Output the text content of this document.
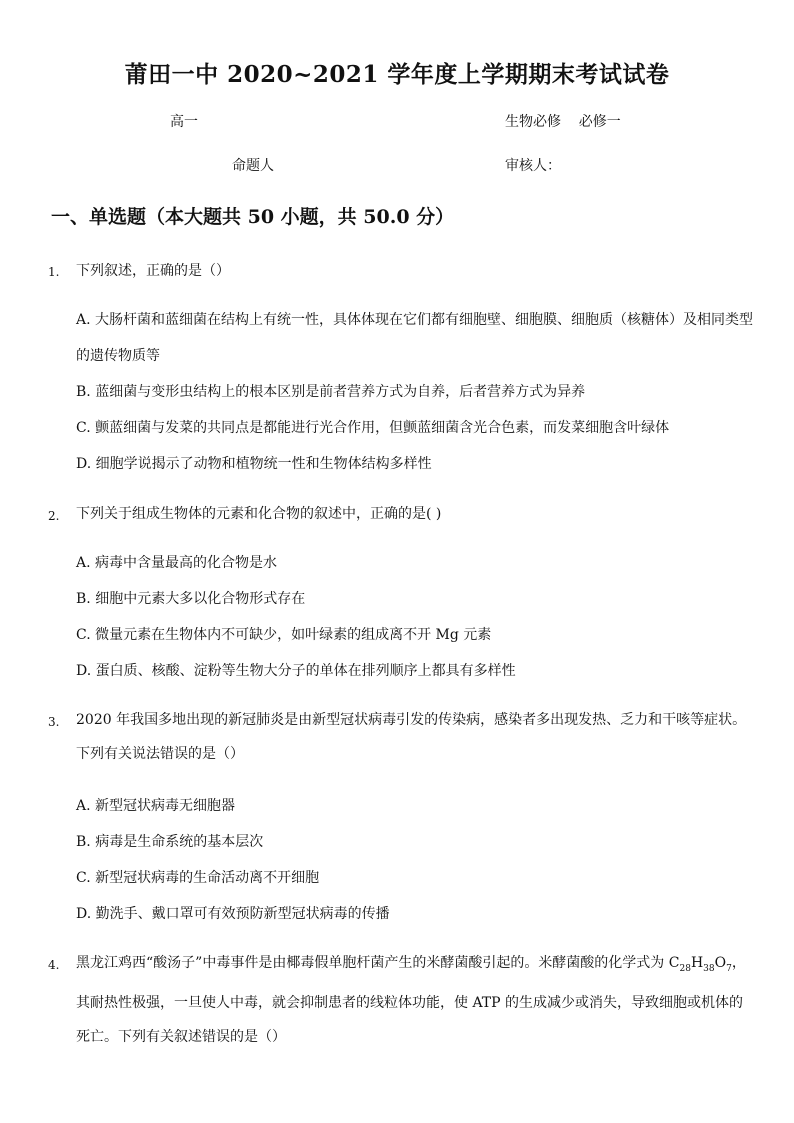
莆田一中 2020~2021 学年度上学期期末考试试卷
高一	生物必修    必修一
命题人	审核人：
一、单选题（本大题共 50 小题，共 50.0 分）
1. 下列叙述，正确的是（）
A. 大肠杆菌和蓝细菌在结构上有统一性，具体体现在它们都有细胞壁、细胞膜、细胞质（核糖体）及相同类型的遗传物质等
B. 蓝细菌与变形虫结构上的根本区别是前者营养方式为自养，后者营养方式为异养
C. 颤蓝细菌与发菜的共同点是都能进行光合作用，但颤蓝细菌含光合色素，而发菜细胞含叶绿体
D. 细胞学说揭示了动物和植物统一性和生物体结构多样性
2. 下列关于组成生物体的元素和化合物的叙述中，正确的是( )
A. 病毒中含量最高的化合物是水
B. 细胞中元素大多以化合物形式存在
C. 微量元素在生物体内不可缺少，如叶绿素的组成离不开 Mg 元素
D. 蛋白质、核酸、淀粉等生物大分子的单体在排列顺序上都具有多样性
3. 2020 年我国多地出现的新冠肺炎是由新型冠状病毒引发的传染病，感染者多出现发热、乏力和干咳等症状。下列有关说法错误的是（）
A. 新型冠状病毒无细胞器
B. 病毒是生命系统的基本层次
C. 新型冠状病毒的生命活动离不开细胞
D. 勤洗手、戴口罩可有效预防新型冠状病毒的传播
4. 黑龙江鸡西“酸汤子”中毒事件是由椰毒假单胞杆菌产生的米酵菌酸引起的。米酵菌酸的化学式为 $C_{28}H_{38}O_7$，其耐热性极强，一旦使人中毒，就会抑制患者的线粒体功能，使 ATP 的生成减少或消失，导致细胞或机体的死亡。下列有关叙述错误的是（）
